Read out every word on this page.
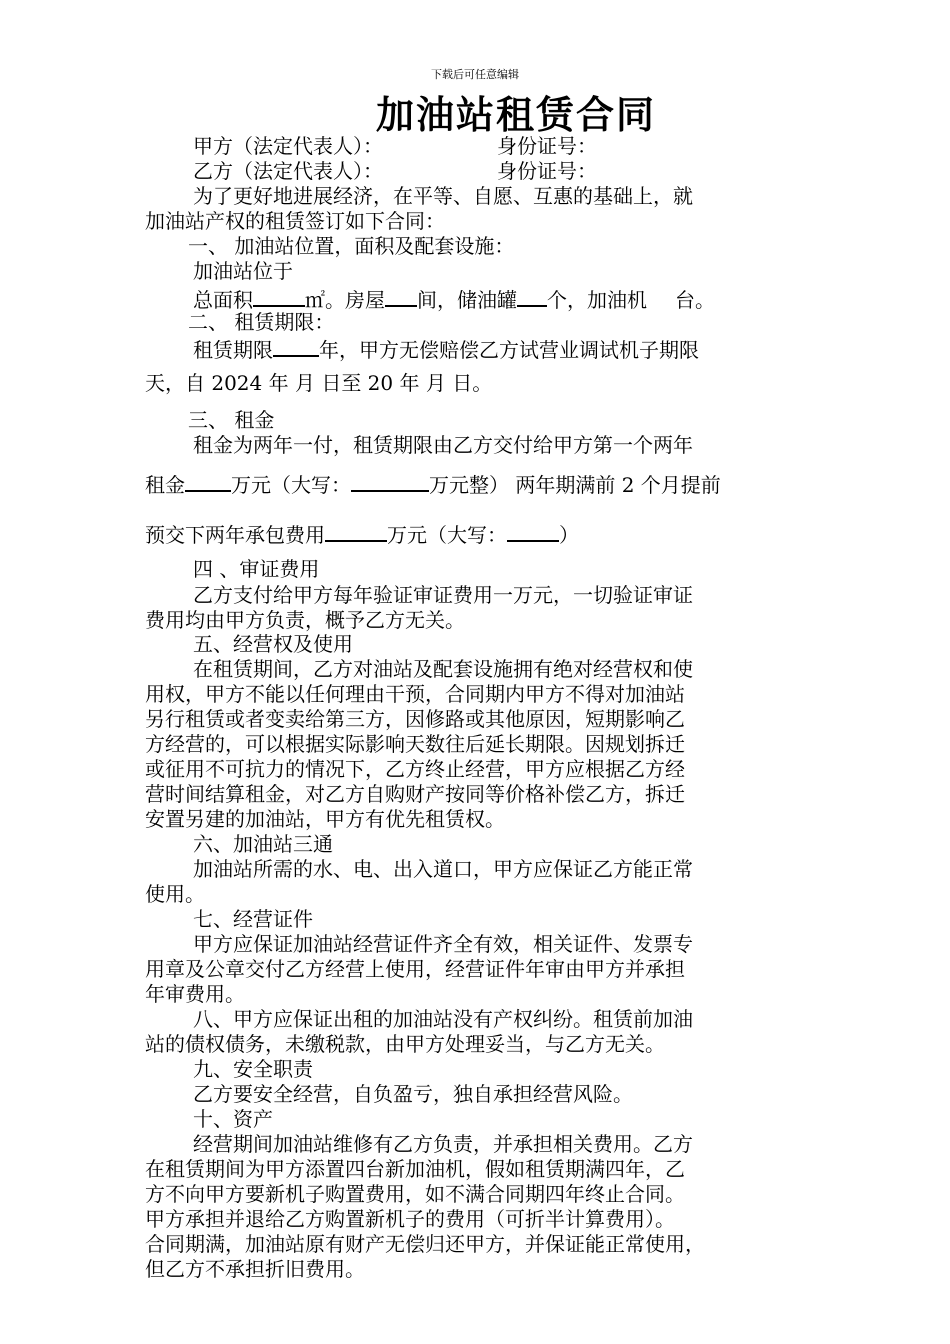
下载后可任意编辑
加油站租赁合同
甲方（法定代表人）：	身份证号：
乙方（法定代表人）：	身份证号：
为了更好地进展经济，在平等、自愿、互惠的基础上，就
加油站产权的租赁签订如下合同：
一、 加油站位置，面积及配套设施：
加油站位于
总面积	㎡。房屋 间，储油罐 个，加油机 台。
二、 租赁期限：
租赁期限 年，甲方无偿赔偿乙方试营业调试机子期限
天，自 2024 年 月 日至 20 年 月 日。
三、 租金
租金为两年一付，租赁期限由乙方交付给甲方第一个两年
租金 万元（大写：	万元整） 两年期满前 2 个月提前
预交下两年承包费用	万元（大写：	）
四 、审证费用
乙方支付给甲方每年验证审证费用一万元，一切验证审证
费用均由甲方负责，概予乙方无关。
五、经营权及使用
在租赁期间，乙方对油站及配套设施拥有绝对经营权和使
用权，甲方不能以任何理由干预，合同期内甲方不得对加油站
另行租赁或者变卖给第三方，因修路或其他原因，短期影响乙
方经营的，可以根据实际影响天数往后延长期限。因规划拆迁
或征用不可抗力的情况下，乙方终止经营，甲方应根据乙方经
营时间结算租金，对乙方自购财产按同等价格补偿乙方，拆迁
安置另建的加油站，甲方有优先租赁权。
六、加油站三通
加油站所需的水、电、出入道口，甲方应保证乙方能正常
使用。
七、经营证件
甲方应保证加油站经营证件齐全有效，相关证件、发票专
用章及公章交付乙方经营上使用，经营证件年审由甲方并承担
年审费用。
八、甲方应保证出租的加油站没有产权纠纷。租赁前加油
站的债权债务，未缴税款，由甲方处理妥当，与乙方无关。
九、安全职责
乙方要安全经营，自负盈亏，独自承担经营风险。
十、资产
经营期间加油站维修有乙方负责，并承担相关费用。乙方
在租赁期间为甲方添置四台新加油机，假如租赁期满四年，乙
方不向甲方要新机子购置费用，如不满合同期四年终止合同。
甲方承担并退给乙方购置新机子的费用（可折半计算费用）。
合同期满，加油站原有财产无偿归还甲方，并保证能正常使用，
但乙方不承担折旧费用。
